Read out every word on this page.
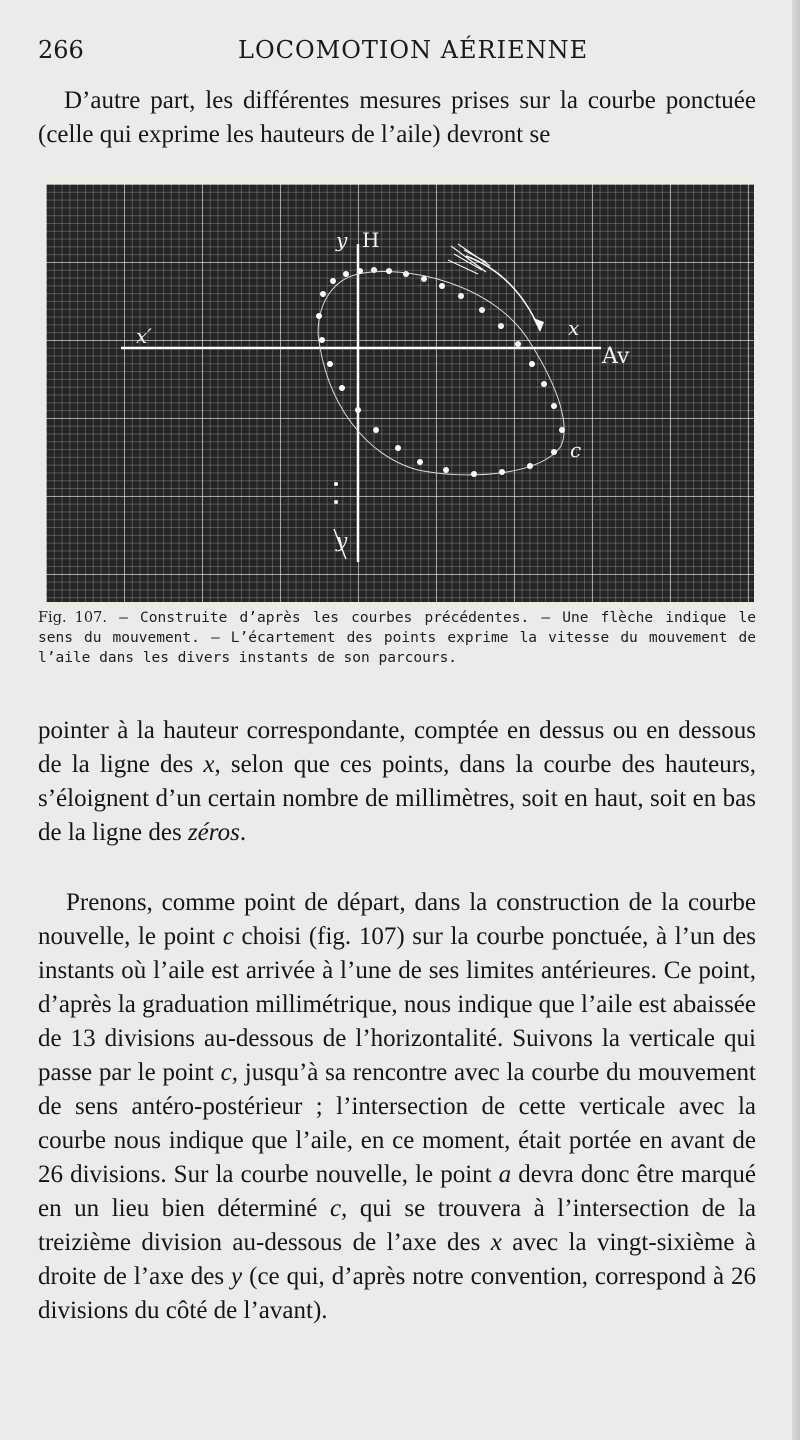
266	LOCOMOTION AÉRIENNE

D’autre part, les différentes mesures prises sur la courbe ponctuée (celle qui exprime les hauteurs de l’aile) devront se

y H
x′	x
Av
c
y

Fig. 107. — Construite d’après les courbes précédentes. — Une flèche indique le sens du mouvement. — L’écartement des points exprime la vitesse du mouvement de l’aile dans les divers instants de son parcours.

pointer à la hauteur correspondante, comptée en dessus ou en dessous de la ligne des x, selon que ces points, dans la courbe des hauteurs, s’éloignent d’un certain nombre de millimètres, soit en haut, soit en bas de la ligne des zéros.

Prenons, comme point de départ, dans la construction de la courbe nouvelle, le point c choisi (fig. 107) sur la courbe ponctuée, à l’un des instants où l’aile est arrivée à l’une de ses limites antérieures. Ce point, d’après la graduation millimétrique, nous indique que l’aile est abaissée de 13 divisions au-dessous de l’horizontalité. Suivons la verticale qui passe par le point c, jusqu’à sa rencontre avec la courbe du mouvement de sens antéro-postérieur ; l’intersection de cette verticale avec la courbe nous indique que l’aile, en ce moment, était portée en avant de 26 divisions. Sur la courbe nouvelle, le point a devra donc être marqué en un lieu bien déterminé c, qui se trouvera à l’intersection de la treizième division au-dessous de l’axe des x avec la vingt-sixième à droite de l’axe des y (ce qui, d’après notre convention, correspond à 26 divisions du côté de l’avant).
